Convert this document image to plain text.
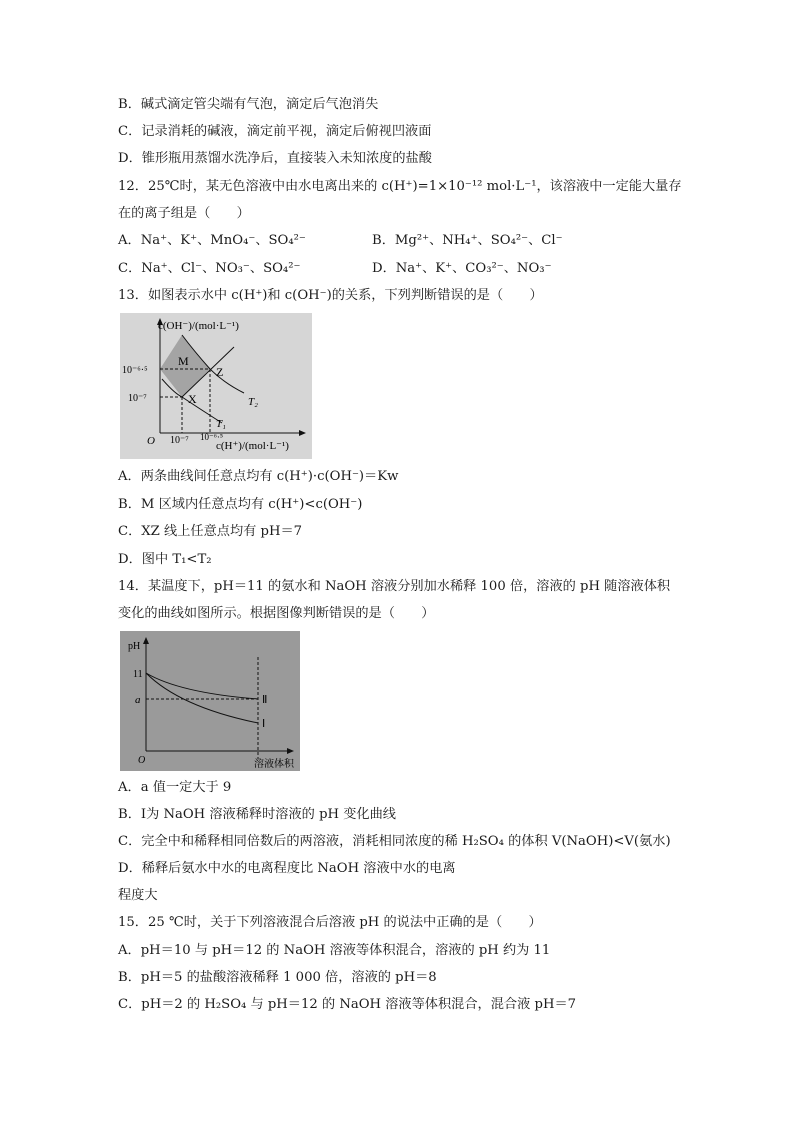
B．碱式滴定管尖端有气泡，滴定后气泡消失
C．记录消耗的碱液，滴定前平视，滴定后俯视凹液面
D．锥形瓶用蒸馏水洗净后，直接装入未知浓度的盐酸
12．25℃时，某无色溶液中由水电离出来的 c(H⁺)=1×10⁻¹² mol·L⁻¹，该溶液中一定能大量存
在的离子组是（　　）
A．Na⁺、K⁺、MnO₄⁻、SO₄²⁻	B．Mg²⁺、NH₄⁺、SO₄²⁻、Cl⁻
C．Na⁺、Cl⁻、NO₃⁻、SO₄²⁻	D．Na⁺、K⁺、CO₃²⁻、NO₃⁻
13．如图表示水中 c(H⁺)和 c(OH⁻)的关系，下列判断错误的是（　　）
c(OH⁻)/(mol·L⁻¹)
c(H⁺)/(mol·L⁻¹)
O
10⁻⁶·⁵
10⁻⁷
10⁻⁷ 10⁻⁶·⁵
M
X
Z
T₁
T₂
A．两条曲线间任意点均有 c(H⁺)·c(OH⁻)＝Kw
B．M 区域内任意点均有 c(H⁺)<c(OH⁻)
C．XZ 线上任意点均有 pH＝7
D．图中 T₁<T₂
14．某温度下，pH＝11 的氨水和 NaOH 溶液分别加水稀释 100 倍，溶液的 pH 随溶液体积
变化的曲线如图所示。根据图像判断错误的是（　　）
pH
溶液体积
O
11
a	Ⅱ
Ⅰ
A．a 值一定大于 9
B．Ⅰ为 NaOH 溶液稀释时溶液的 pH 变化曲线
C．完全中和稀释相同倍数后的两溶液，消耗相同浓度的稀 H₂SO₄ 的体积 V(NaOH)<V(氨水)
D．稀释后氨水中水的电离程度比 NaOH 溶液中水的电离
程度大
15．25 ℃时，关于下列溶液混合后溶液 pH 的说法中正确的是（　　）
A．pH＝10 与 pH＝12 的 NaOH 溶液等体积混合，溶液的 pH 约为 11
B．pH＝5 的盐酸溶液稀释 1 000 倍，溶液的 pH＝8
C．pH＝2 的 H₂SO₄ 与 pH＝12 的 NaOH 溶液等体积混合，混合液 pH＝7
